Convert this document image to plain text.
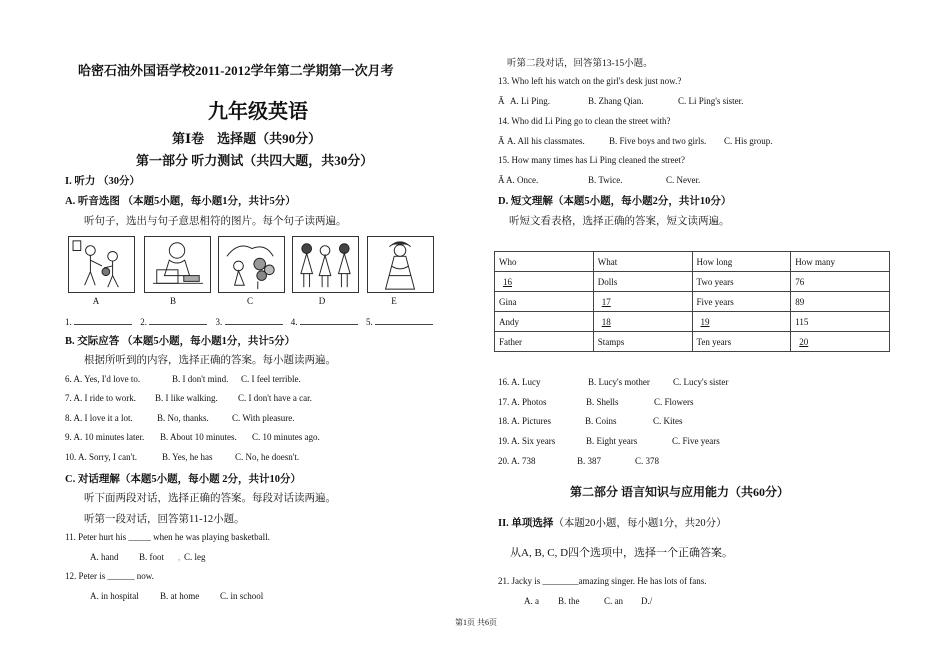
哈密石油外国语学校2011-2012学年第二学期第一次月考
九年级英语
第Ⅰ卷　选择题（共90分）
第一部分 听力测试（共四大题，共30分）
I. 听力 （30分）
A. 听音选图 （本题5小题，每小题1分，共计5分）
听句子，选出与句子意思相符的图片。每个句子读两遍。
A	B	C	D	E
1.	2.	3.	4.	5.
B. 交际应答 （本题5小题，每小题1分，共计5分）
根据所听到的内容，选择正确的答案。每小题读两遍。
6. A. Yes, I'd love to.	B. I don't mind. C. I feel terrible.
7. A. I ride to work. B. I like walking. C. I don't have a car.
8. A. I love it a lot.	B. No, thanks.	C. With pleasure.
9. A. 10 minutes later. B. About 10 minutes. C. 10 minutes ago.
10. A. Sorry, I can't.	B. Yes, he has C. No, he doesn't.
C. 对话理解（本题5小题，每小题 2分，共计10分）
听下面两段对话，选择正确的答案。每段对话读两遍。
听第一段对话，回答第11-12小题。
11. Peter hurt his _____ when he was playing basketball.
A. hand B. foot , C. leg
12. Peter is ______ now.
A. in hospital B. at home C. in school
听第二段对话，回答第13-15小题。
13. Who left his watch on the girl's desk just now.?
Ã A. Li Ping.	B. Zhang Qian.	C. Li Ping's sister.
14. Who did Li Ping go to clean the street with?
Ã A. All his classmates.	B. Five boys and two girls. C. His group.
15. How many times has Li Ping cleaned the street?
Ã A. Once.	B. Twice.	C. Never.
D. 短文理解（本题5小题，每小题2分，共计10分）
听短文看表格，选择正确的答案，短文读两遍。
Who	What	How long	How many
16	Dolls	Two years	76
Gina	17	Five years	89
Andy	18	19	115
Father	Stamps	Ten years	20
16. A. Lucy	B. Lucy's mother	C. Lucy's sister
17. A. Photos	B. Shells	C. Flowers
18. A. Pictures	B. Coins	C. Kites
19. A. Six years	B. Eight years	C. Five years
20. A. 738	B. 387	C. 378
第二部分 语言知识与应用能力（共60分）
II. 单项选择（本题20小题，每小题1分，共20分）
从A, B, C, D四个选项中，选择一个正确答案。
21. Jacky is ________amazing singer. He has lots of fans.
A. a B. the	C. an D./
第1页 共6页
